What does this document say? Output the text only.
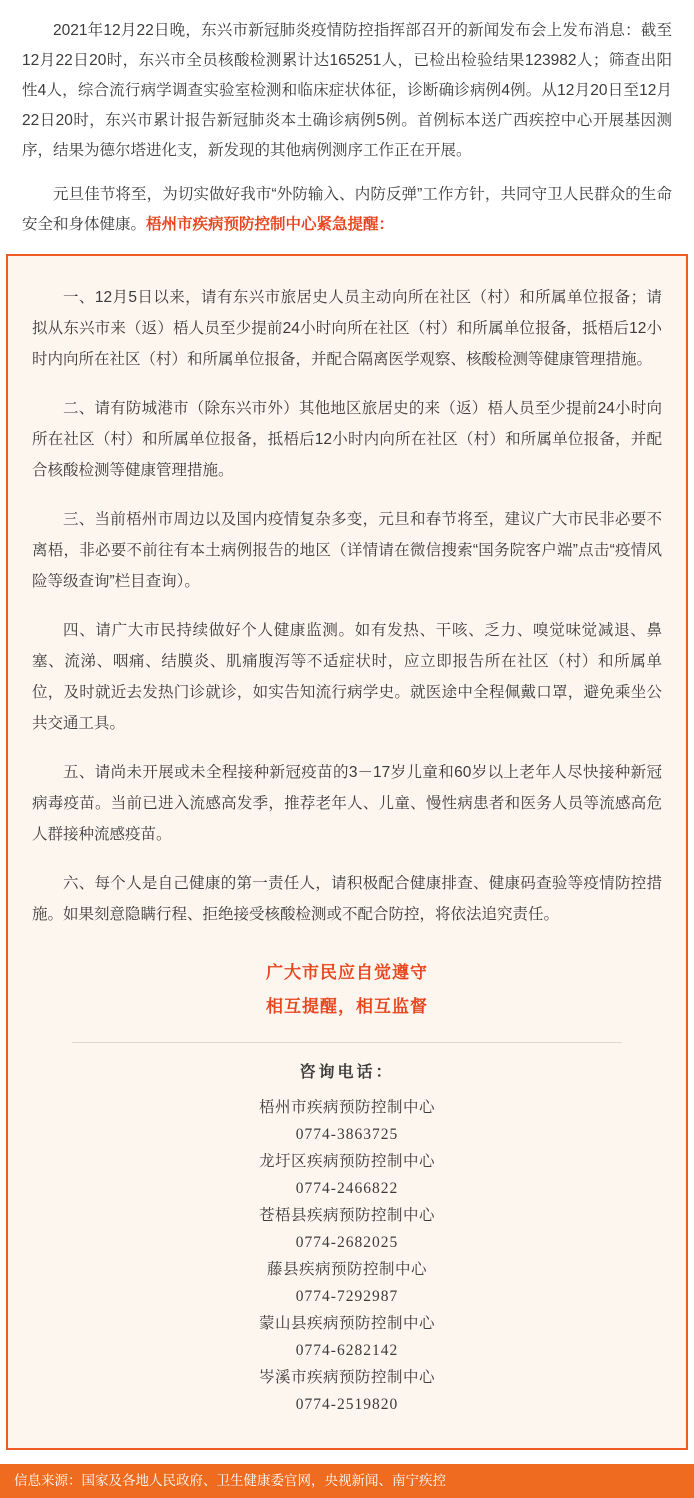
2021年12月22日晚，东兴市新冠肺炎疫情防控指挥部召开的新闻发布会上发布消息：截至12月22日20时，东兴市全员核酸检测累计达165251人，已检出检验结果123982人；筛查出阳性4人，综合流行病学调查实验室检测和临床症状体征，诊断确诊病例4例。从12月20日至12月22日20时，东兴市累计报告新冠肺炎本土确诊病例5例。首例标本送广西疾控中心开展基因测序，结果为德尔塔进化支，新发现的其他病例测序工作正在开展。

元旦佳节将至，为切实做好我市“外防输入、内防反弹”工作方针，共同守卫人民群众的生命安全和身体健康。梧州市疾病预防控制中心紧急提醒：

一、12月5日以来，请有东兴市旅居史人员主动向所在社区（村）和所属单位报备；请拟从东兴市来（返）梧人员至少提前24小时向所在社区（村）和所属单位报备，抵梧后12小时内向所在社区（村）和所属单位报备，并配合隔离医学观察、核酸检测等健康管理措施。

二、请有防城港市（除东兴市外）其他地区旅居史的来（返）梧人员至少提前24小时向所在社区（村）和所属单位报备，抵梧后12小时内向所在社区（村）和所属单位报备，并配合核酸检测等健康管理措施。

三、当前梧州市周边以及国内疫情复杂多变，元旦和春节将至，建议广大市民非必要不离梧，非必要不前往有本土病例报告的地区（详情请在微信搜索“国务院客户端”点击“疫情风险等级查询”栏目查询）。

四、请广大市民持续做好个人健康监测。如有发热、干咳、乏力、嗅觉味觉减退、鼻塞、流涕、咽痛、结膜炎、肌痛腹泻等不适症状时，应立即报告所在社区（村）和所属单位，及时就近去发热门诊就诊，如实告知流行病学史。就医途中全程佩戴口罩，避免乘坐公共交通工具。

五、请尚未开展或未全程接种新冠疫苗的3－17岁儿童和60岁以上老年人尽快接种新冠病毒疫苗。当前已进入流感高发季，推荐老年人、儿童、慢性病患者和医务人员等流感高危人群接种流感疫苗。

六、每个人是自己健康的第一责任人，请积极配合健康排查、健康码查验等疫情防控措施。如果刻意隐瞒行程、拒绝接受核酸检测或不配合防控，将依法追究责任。

广大市民应自觉遵守
相互提醒，相互监督
咨询电话：
梧州市疾病预防控制中心
0774-3863725
龙圩区疾病预防控制中心
0774-2466822
苍梧县疾病预防控制中心
0774-2682025
藤县疾病预防控制中心
0774-7292987
蒙山县疾病预防控制中心
0774-6282142
岑溪市疾病预防控制中心
0774-2519820
信息来源：国家及各地人民政府、卫生健康委官网，央视新闻、南宁疾控
